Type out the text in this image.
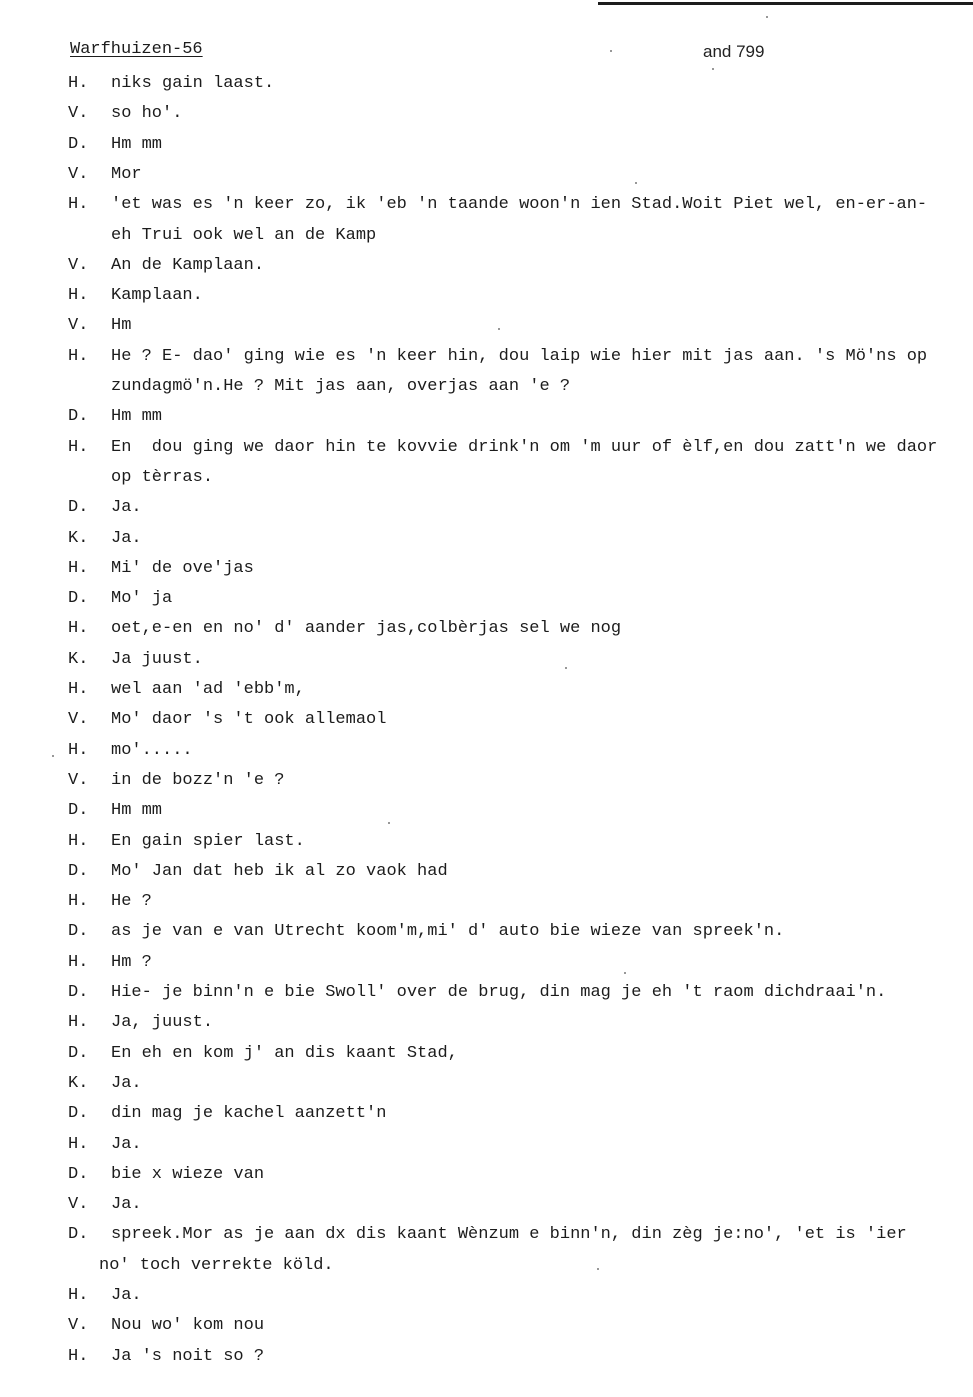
Warfhuizen-56	and 799
H.	niks gain laast.
V.	so ho'.
D.	Hm mm
V.	Mor
H.	'et was es 'n keer zo, ik 'eb 'n taande woon'n ien Stad.Woit Piet wel, en-er-an-
eh Trui ook wel an de Kamp
V.	An de Kamplaan.
H.	Kamplaan.
V.	Hm
H.	He ? E- dao' ging wie es 'n keer hin, dou laip wie hier mit jas aan. 's Mö'ns op
zundagmö'n.He ? Mit jas aan, overjas aan 'e ?
D.	Hm mm
H.	En  dou ging we daor hin te kovvie drink'n om 'm uur of èlf,en dou zatt'n we daor
op tèrras.
D.	Ja.
K.	Ja.
H.	Mi' de ove'jas
D.	Mo' ja
H.	oet,e-en en no' d' aander jas,colbèrjas sel we nog
K.	Ja juust.
H.	wel aan 'ad 'ebb'm,
V.	Mo' daor 's 't ook allemaol
H.	mo'.....
V.	in de bozz'n 'e ?
D.	Hm mm
H.	En gain spier last.
D.	Mo' Jan dat heb ik al zo vaok had
H.	He ?
D.	as je van e van Utrecht koom'm,mi' d' auto bie wieze van spreek'n.
H.	Hm ?
D.	Hie- je binn'n e bie Swoll' over de brug, din mag je eh 't raom dichdraai'n.
H.	Ja, juust.
D.	En eh en kom j' an dis kaant Stad,
K.	Ja.
D.	din mag je kachel aanzett'n
H.	Ja.
D.	bie x wieze van
V.	Ja.
D.	spreek.Mor as je aan dx dis kaant Wènzum e binn'n, din zèg je:no', 'et is 'ier
no' toch verrekte köld.
H.	Ja.
V.	Nou wo' kom nou
H.	Ja 's noit so ?
